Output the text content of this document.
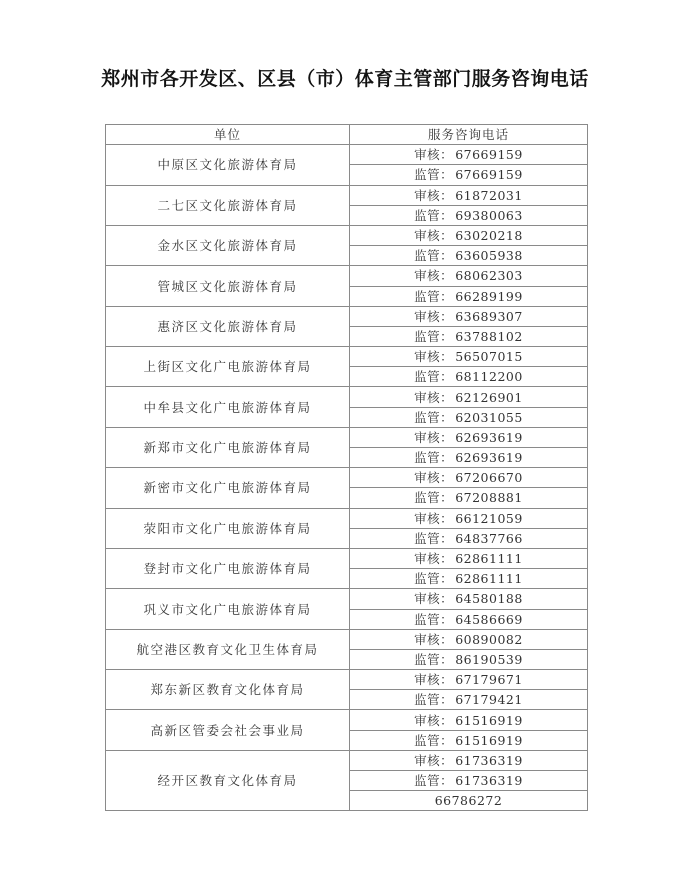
郑州市各开发区、区县（市）体育主管部门服务咨询电话
单位	服务咨询电话
中原区文化旅游体育局	审核： 67669159
	监管： 67669159
二七区文化旅游体育局	审核： 61872031
	监管： 69380063
金水区文化旅游体育局	审核： 63020218
	监管： 63605938
管城区文化旅游体育局	审核： 68062303
	监管： 66289199
惠济区文化旅游体育局	审核： 63689307
	监管： 63788102
上街区文化广电旅游体育局	审核： 56507015
	监管： 68112200
中牟县文化广电旅游体育局	审核： 62126901
	监管： 62031055
新郑市文化广电旅游体育局	审核： 62693619
	监管： 62693619
新密市文化广电旅游体育局	审核： 67206670
	监管： 67208881
荥阳市文化广电旅游体育局	审核： 66121059
	监管： 64837766
登封市文化广电旅游体育局	审核： 62861111
	监管： 62861111
巩义市文化广电旅游体育局	审核： 64580188
	监管： 64586669
航空港区教育文化卫生体育局	审核： 60890082
	监管： 86190539
郑东新区教育文化体育局	审核： 67179671
	监管： 67179421
高新区管委会社会事业局	审核： 61516919
	监管： 61516919
经开区教育文化体育局	审核： 61736319
	监管： 61736319
	66786272
